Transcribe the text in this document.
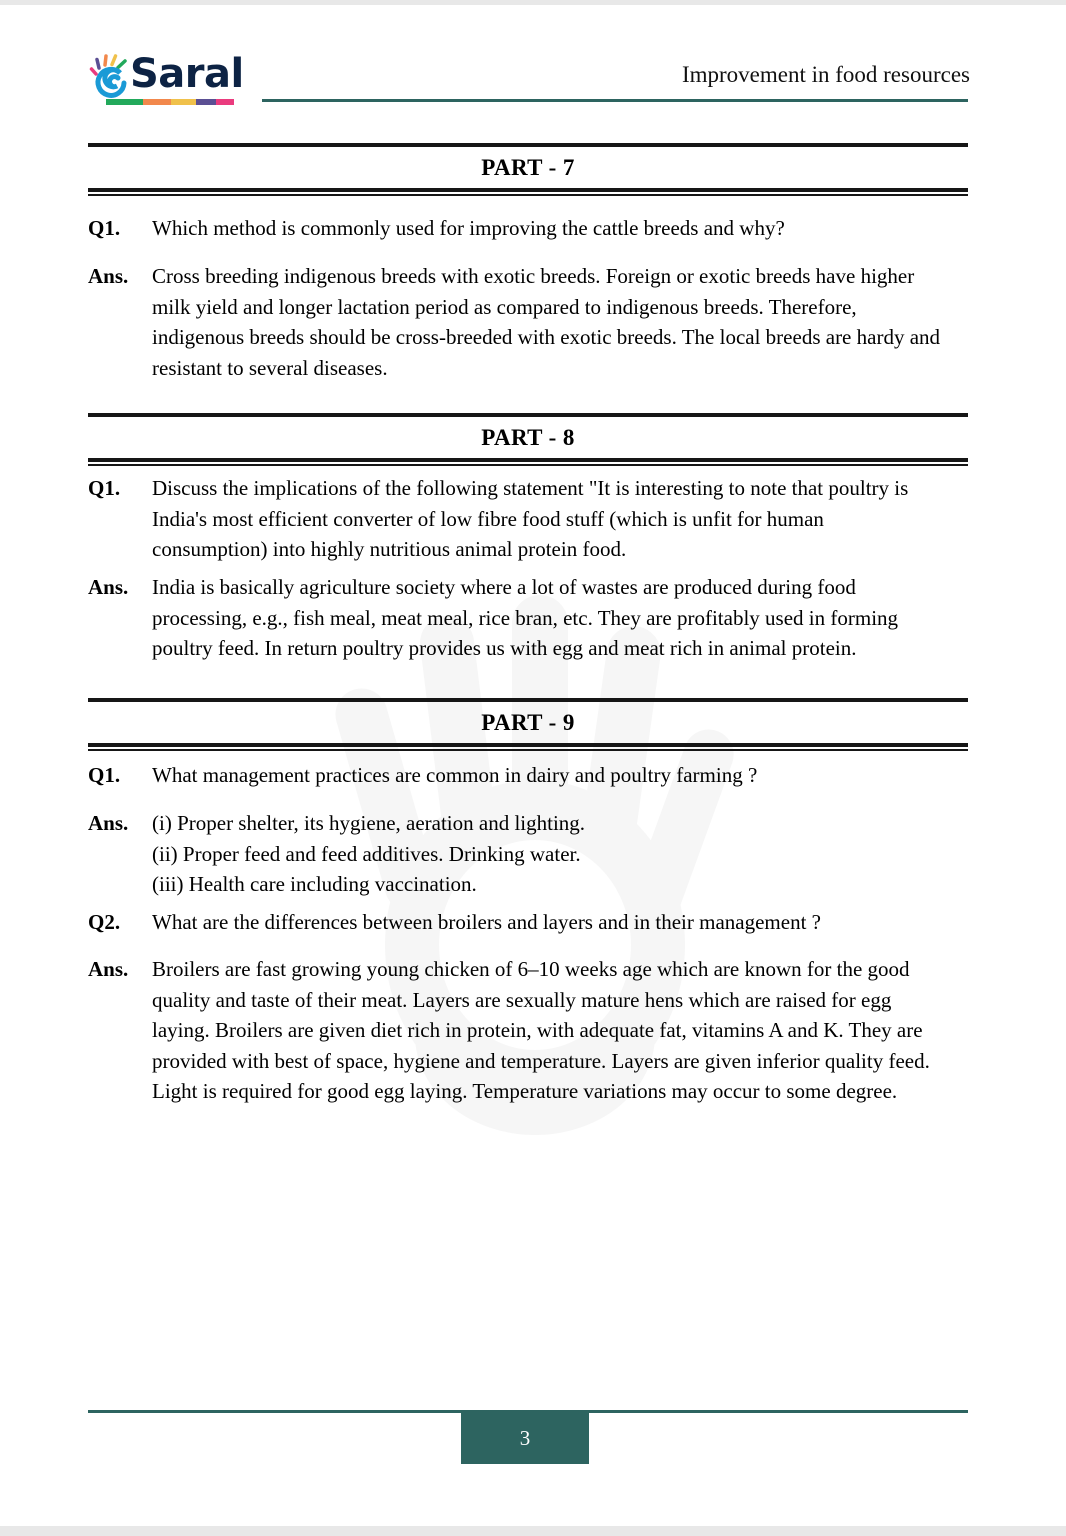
Saral	Improvement in food resources
PART - 7
Q1.	Which method is commonly used for improving the cattle breeds and why?
Ans.	Cross breeding indigenous breeds with exotic breeds. Foreign or exotic breeds have higher
milk yield and longer lactation period as compared to indigenous breeds. Therefore,
indigenous breeds should be cross-breeded with exotic breeds. The local breeds are hardy and
resistant to several diseases.
PART - 8
Q1.	Discuss the implications of the following statement "It is interesting to note that poultry is
India's most efficient converter of low fibre food stuff (which is unfit for human
consumption) into highly nutritious animal protein food.
Ans.	India is basically agriculture society where a lot of wastes are produced during food
processing, e.g., fish meal, meat meal, rice bran, etc. They are profitably used in forming
poultry feed. In return poultry provides us with egg and meat rich in animal protein.
PART - 9
Q1.	What management practices are common in dairy and poultry farming ?
Ans.	(i) Proper shelter, its hygiene, aeration and lighting.
(ii) Proper feed and feed additives. Drinking water.
(iii) Health care including vaccination.
Q2.	What are the differences between broilers and layers and in their management ?
Ans.	Broilers are fast growing young chicken of 6–10 weeks age which are known for the good
quality and taste of their meat. Layers are sexually mature hens which are raised for egg
laying. Broilers are given diet rich in protein, with adequate fat, vitamins A and K. They are
provided with best of space, hygiene and temperature. Layers are given inferior quality feed.
Light is required for good egg laying. Temperature variations may occur to some degree.
3
